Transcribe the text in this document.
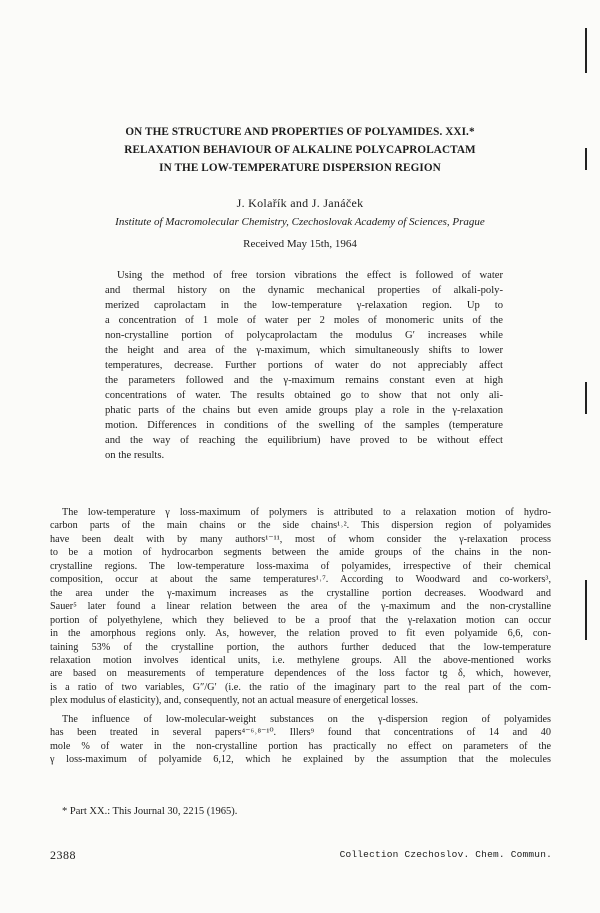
ON THE STRUCTURE AND PROPERTIES OF POLYAMIDES. XXI.*
RELAXATION BEHAVIOUR OF ALKALINE POLYCAPROLACTAM
IN THE LOW-TEMPERATURE DISPERSION REGION
J. Kolařík and J. Janáček
Institute of Macromolecular Chemistry, Czechoslovak Academy of Sciences, Prague
Received May 15th, 1964
Using the method of free torsion vibrations the effect is followed of water
and thermal history on the dynamic mechanical properties of alkali-poly-
merized caprolactam in the low-temperature γ-relaxation region. Up to
a concentration of 1 mole of water per 2 moles of monomeric units of the
non-crystalline portion of polycaprolactam the modulus G′ increases while
the height and area of the γ-maximum, which simultaneously shifts to lower
temperatures, decrease. Further portions of water do not appreciably affect
the parameters followed and the γ-maximum remains constant even at high
concentrations of water. The results obtained go to show that not only ali-
phatic parts of the chains but even amide groups play a role in the γ-relaxation
motion. Differences in conditions of the swelling of the samples (temperature
and the way of reaching the equilibrium) have proved to be without effect
on the results.
The low-temperature γ loss-maximum of polymers is attributed to a relaxation motion of hydro-
carbon parts of the main chains or the side chains¹˒². This dispersion region of polyamides
have been dealt with by many authors¹⁻¹¹, most of whom consider the γ-relaxation process
to be a motion of hydrocarbon segments between the amide groups of the chains in the non-
crystalline regions. The low-temperature loss-maxima of polyamides, irrespective of their chemical
composition, occur at about the same temperatures¹˒⁷. According to Woodward and co-workers³,
the area under the γ-maximum increases as the crystalline portion decreases. Woodward and
Sauer⁵ later found a linear relation between the area of the γ-maximum and the non-crystalline
portion of polyethylene, which they believed to be a proof that the γ-relaxation motion can occur
in the amorphous regions only. As, however, the relation proved to fit even polyamide 6,6, con-
taining 53% of the crystalline portion, the authors further deduced that the low-temperature
relaxation motion involves identical units, i.e. methylene groups. All the above-mentioned works
are based on measurements of temperature dependences of the loss factor tg δ, which, however,
is a ratio of two variables, G″/G′ (i.e. the ratio of the imaginary part to the real part of the com-
plex modulus of elasticity), and, consequently, not an actual measure of energetical losses.
The influence of low-molecular-weight substances on the γ-dispersion region of polyamides
has been treated in several papers⁴⁻⁶˒⁸⁻¹⁰. Illers⁹ found that concentrations of 14 and 40
mole % of water in the non-crystalline portion has practically no effect on parameters of the
γ loss-maximum of polyamide 6,12, which he explained by the assumption that the molecules
* Part XX.: This Journal 30, 2215 (1965).
2388	Collection Czechoslov. Chem. Commun.
